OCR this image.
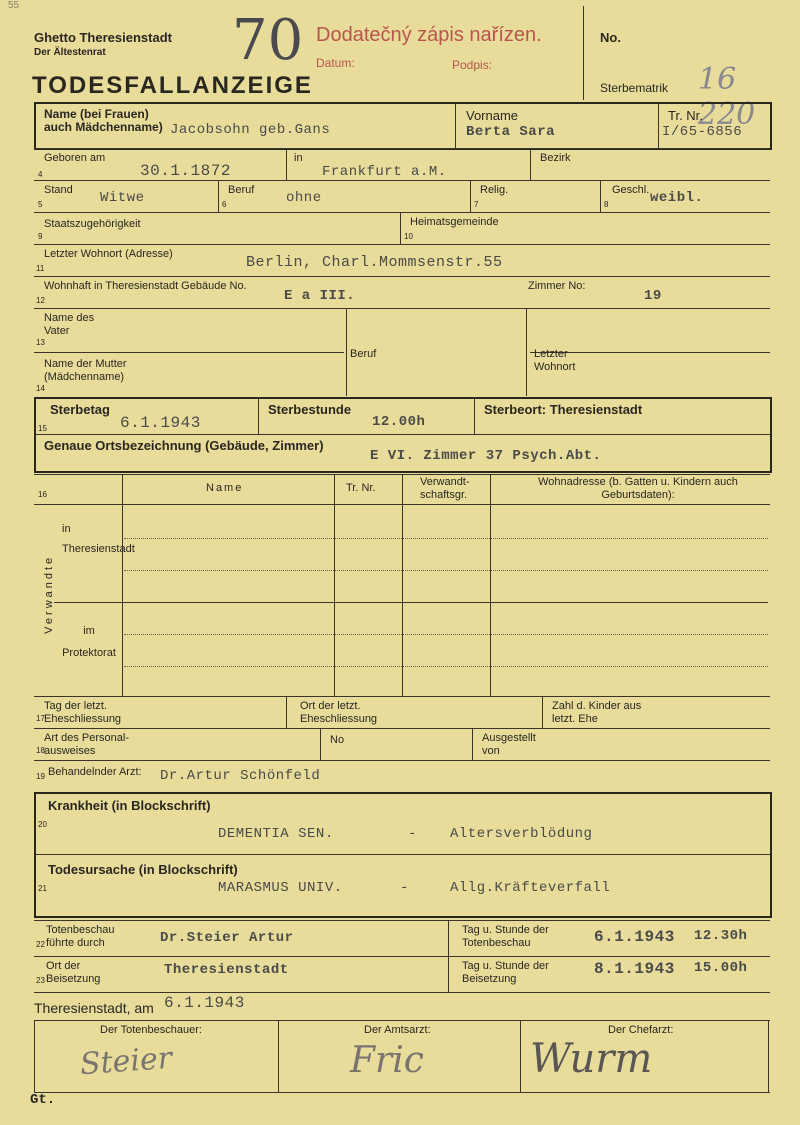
55
Ghetto Theresienstadt
Der Ältestenrat
TODESFALLANZEIGE
70 Dodatečný zápis nařízen.
Datum:	Podpis:
No.
Sterbematrik 16 220
Name (bei Frauen) auch Mädchenname) Jacobsohn geb.Gans
Vorname
Berta Sara
Tr. Nr.
I/65-6856
4
Geboren am
30.1.1872
in
Frankfurt a.M.
Bezirk
5
Stand Witwe	6
Beruf ohne	7
Relig.
8
Geschl. weibl.
9
Staatszugehörigkeit
10
Heimatsgemeinde
11
Letzter Wohnort (Adresse)	Berlin, Charl.Mommsenstr.55
12
Wohnhaft in Theresienstadt Gebäude No.
E a III.
Zimmer No:
19
Name des Vater
13
Name der Mutter (Mädchenname)
14
Beruf	Letzter Wohnort
Sterbetag
15	6.1.1943
Sterbestunde
12.00h
Sterbeort: Theresienstadt
Genaue Ortsbezeichnung (Gebäude, Zimmer)
E VI. Zimmer 37 Psych.Abt.
16
Name	Tr. Nr.	Verwandt-schaftsgr.
Wohnadresse (b. Gatten u. Kindern auch Geburtsdaten):
Verwandte
in Theresienstadt
im Protektorat
Tag der letzt. Eheschliessung
17
Ort der letzt. Eheschliessung
Zahl d. Kinder aus letzt. Ehe
Art des Personal-ausweises
18
No	Ausgestellt von
19 Behandelnder Arzt: Dr.Artur Schönfeld
Krankheit (in Blockschrift)
20
DEMENTIA SEN.	- Altersverblödung
Todesursache (in Blockschrift)
21	MARASMUS UNIV.	-	Allg.Kräfteverfall
Totenbeschau führte durch
22	Dr.Steier Artur	Tag u. Stunde der Totenbeschau	6.1.1943 12.30h
Ort der Beisetzung
23
Theresienstadt	Tag u. Stunde der Beisetzung
8.1.1943 15.00h
Theresienstadt, am 6.1.1943
Der Totenbeschauer:	Der Amtsarzt:	Der Chefarzt:
Steier	Fric	Wurm
Gt.
